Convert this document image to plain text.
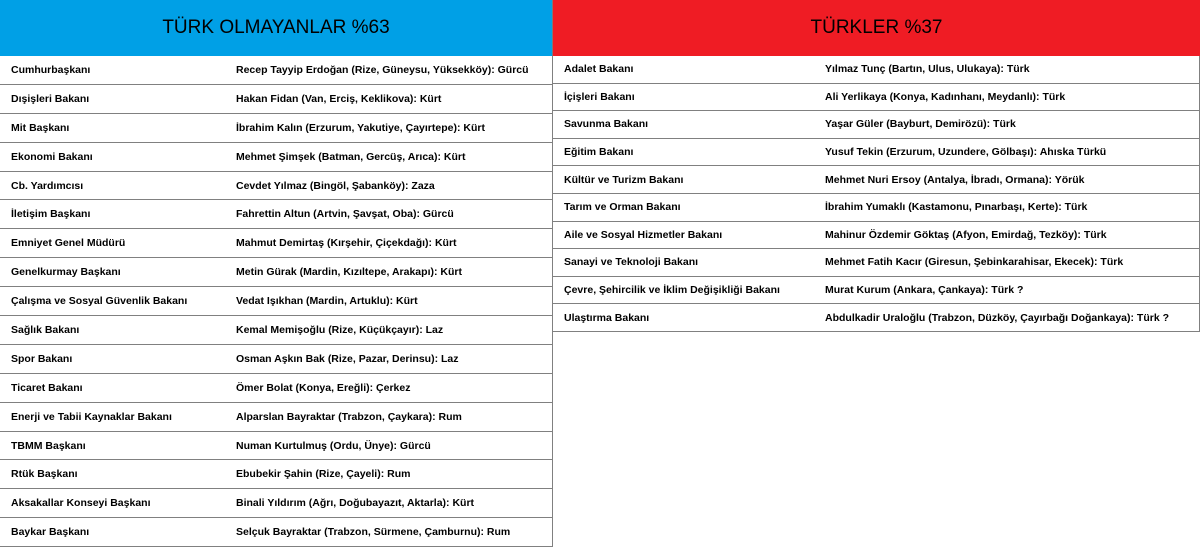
TÜRK OLMAYANLAR %63
Cumhurbaşkanı	Recep Tayyip Erdoğan (Rize, Güneysu, Yüksekköy): Gürcü
Dışişleri Bakanı	Hakan Fidan (Van, Erciş, Keklikova): Kürt
Mit Başkanı	İbrahim Kalın (Erzurum, Yakutiye, Çayırtepe): Kürt
Ekonomi Bakanı	Mehmet Şimşek (Batman, Gercüş, Arıca): Kürt
Cb. Yardımcısı	Cevdet Yılmaz (Bingöl, Şabanköy): Zaza
İletişim Başkanı	Fahrettin Altun (Artvin, Şavşat, Oba): Gürcü
Emniyet Genel Müdürü	Mahmut Demirtaş (Kırşehir, Çiçekdağı): Kürt
Genelkurmay Başkanı	Metin Gürak (Mardin, Kızıltepe, Arakapı): Kürt
Çalışma ve Sosyal Güvenlik Bakanı	Vedat Işıkhan (Mardin, Artuklu): Kürt
Sağlık Bakanı	Kemal Memişoğlu (Rize, Küçükçayır): Laz
Spor Bakanı	Osman Aşkın Bak (Rize, Pazar, Derinsu): Laz
Ticaret Bakanı	Ömer Bolat (Konya, Ereğli): Çerkez
Enerji ve Tabii Kaynaklar Bakanı	Alparslan Bayraktar (Trabzon, Çaykara): Rum
TBMM Başkanı	Numan Kurtulmuş (Ordu, Ünye): Gürcü
Rtük Başkanı	Ebubekir Şahin (Rize, Çayeli): Rum
Aksakallar Konseyi Başkanı	Binali Yıldırım (Ağrı, Doğubayazıt, Aktarla): Kürt
Baykar Başkanı	Selçuk Bayraktar (Trabzon, Sürmene, Çamburnu): Rum
TÜRKLER %37
Adalet Bakanı	Yılmaz Tunç (Bartın, Ulus, Ulukaya): Türk
İçişleri Bakanı	Ali Yerlikaya (Konya, Kadınhanı, Meydanlı): Türk
Savunma Bakanı	Yaşar Güler (Bayburt, Demirözü): Türk
Eğitim Bakanı	Yusuf Tekin (Erzurum, Uzundere, Gölbaşı): Ahıska Türkü
Kültür ve Turizm Bakanı	Mehmet Nuri Ersoy (Antalya, İbradı, Ormana): Yörük
Tarım ve Orman Bakanı	İbrahim Yumaklı (Kastamonu, Pınarbaşı, Kerte): Türk
Aile ve Sosyal Hizmetler Bakanı	Mahinur Özdemir Göktaş (Afyon, Emirdağ, Tezköy): Türk
Sanayi ve Teknoloji Bakanı	Mehmet Fatih Kacır (Giresun, Şebinkarahisar, Ekecek): Türk
Çevre, Şehircilik ve İklim Değişikliği Bakanı	Murat Kurum (Ankara, Çankaya): Türk ?
Ulaştırma Bakanı	Abdulkadir Uraloğlu (Trabzon, Düzköy, Çayırbağı Doğankaya): Türk ?
